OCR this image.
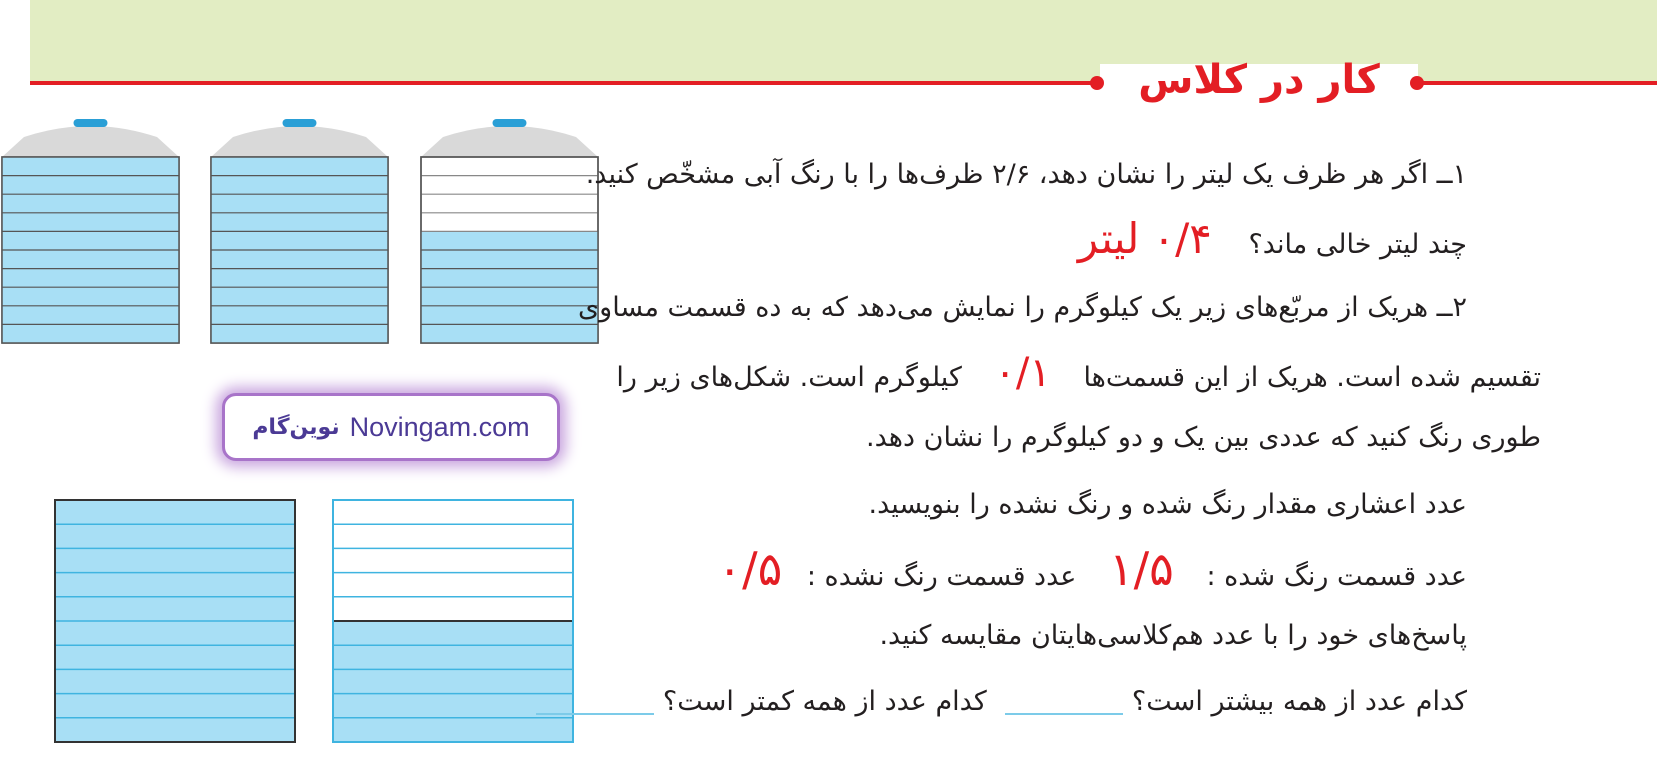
کار در کلاس
نوین‌گام Novingam.com
۱ــ اگر هر ظرف یک لیتر را نشان دهد، ۲/۶ ظرف‌ها را با رنگ آبی مشخّص کنید.
چند لیتر خالی ماند؟ ۰/۴ لیتر
۲ــ هریک از مربّع‌های زیر یک کیلوگرم را نمایش می‌دهد که به ده قسمت مساوی
تقسیم شده است. هریک از این قسمت‌ها ۰/۱ کیلوگرم است. شکل‌های زیر را
طوری رنگ کنید که عددی بین یک و دو کیلوگرم را نشان دهد.
عدد اعشاری مقدار رنگ شده و رنگ نشده را بنویسید.
عدد قسمت رنگ شده : ۱/۵ عدد قسمت رنگ نشده : ۰/۵
پاسخ‌های خود را با عدد هم‌کلاسی‌هایتان مقایسه کنید.
کدام عدد از همه بیشتر است؟  کدام عدد از همه کمتر است؟
